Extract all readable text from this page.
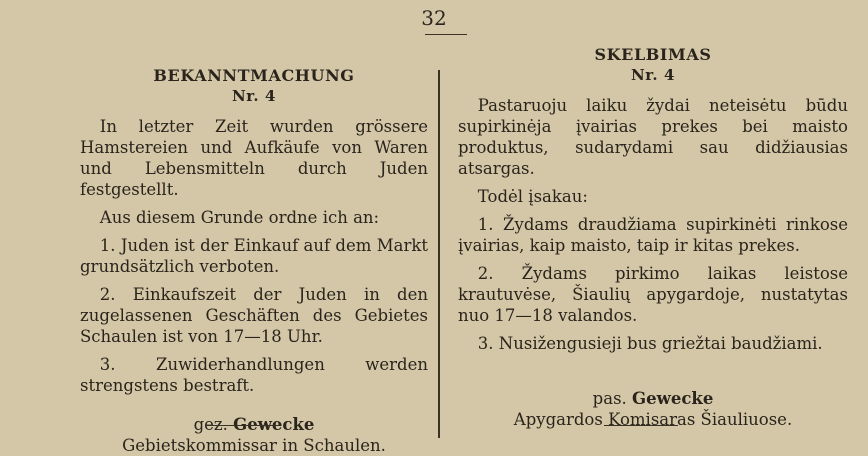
32
BEKANNTMACHUNG
Nr. 4

In letzter Zeit wurden grössere Hamstereien und Aufkäufe von Waren und Lebensmitteln durch Juden festgestellt.

Aus diesem Grunde ordne ich an:

1. Juden ist der Einkauf auf dem Markt grundsätzlich verboten.

2. Einkaufszeit der Juden in den zugelassenen Geschäften des Gebietes Schaulen ist von 17—18 Uhr.

3. Zuwiderhandlungen werden strengstens bestraft.

gez. Gewecke
Gebietskommissar in Schaulen.
SKELBIMAS
Nr. 4

Pastaruoju laiku žydai neteisėtu būdu supirkinėja įvairias prekes bei maisto produktus, sudarydami sau didžiausias atsargas.

Todėl įsakau:

1. Žydams draudžiama supirkinėti rinkose įvairias, kaip maisto, taip ir kitas prekes.

2. Žydams pirkimo laikas leistose krautuvėse, Šiaulių apygardoje, nustatytas nuo 17—18 valandos.

3. Nusižengusieji bus griežtai baudžiami.

pas. Gewecke
Apygardos Komisaras Šiauliuose.
